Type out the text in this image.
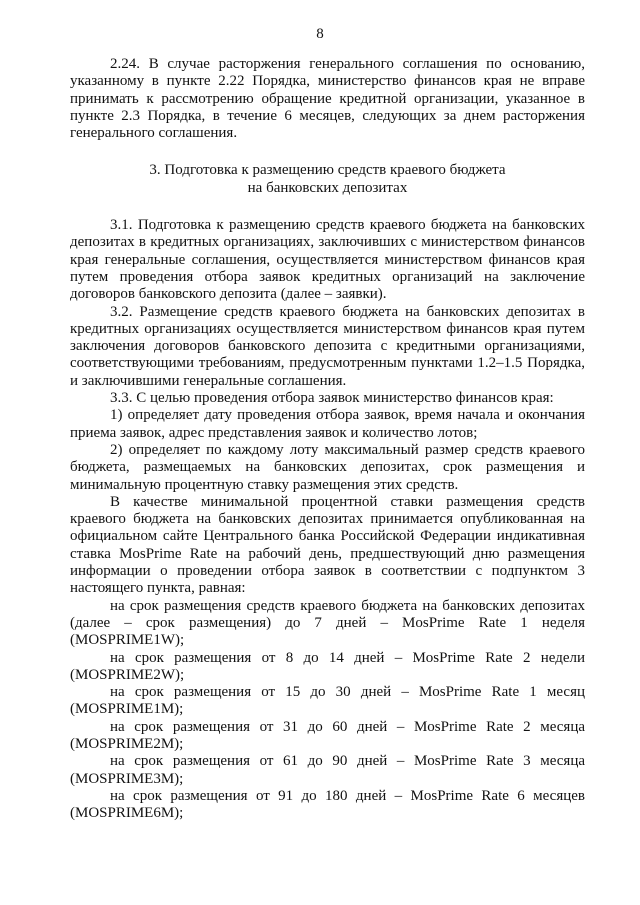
8

2.24. В случае расторжения генерального соглашения по основанию, указанному в пункте 2.22 Порядка, министерство финансов края не вправе принимать к рассмотрению обращение кредитной организации, указанное в пункте 2.3 Порядка, в течение 6 месяцев, следующих за днем расторжения генерального соглашения.

3. Подготовка к размещению средств краевого бюджета
на банковских депозитах

3.1. Подготовка к размещению средств краевого бюджета на банковских депозитах в кредитных организациях, заключивших с министерством финансов края генеральные соглашения, осуществляется министерством финансов края путем проведения отбора заявок кредитных организаций на заключение договоров банковского депозита (далее – заявки).

3.2. Размещение средств краевого бюджета на банковских депозитах в кредитных организациях осуществляется министерством финансов края путем заключения договоров банковского депозита с кредитными организациями, соответствующими требованиям, предусмотренным пунктами 1.2–1.5 Порядка, и заключившими генеральные соглашения.

3.3. С целью проведения отбора заявок министерство финансов края:

1) определяет дату проведения отбора заявок, время начала и окончания приема заявок, адрес представления заявок и количество лотов;

2) определяет по каждому лоту максимальный размер средств краевого бюджета, размещаемых на банковских депозитах, срок размещения и минимальную процентную ставку размещения этих средств.

В качестве минимальной процентной ставки размещения средств краевого бюджета на банковских депозитах принимается опубликованная на официальном сайте Центрального банка Российской Федерации индикативная ставка MosPrime Rate на рабочий день, предшествующий дню размещения информации о проведении отбора заявок в соответствии с подпунктом 3 настоящего пункта, равная:

на срок размещения средств краевого бюджета на банковских депозитах (далее – срок размещения) до 7 дней – MosPrime Rate 1 неделя (MOSPRIME1W);

на срок размещения от 8 до 14 дней – MosPrime Rate 2 недели (MOSPRIME2W);

на срок размещения от 15 до 30 дней – MosPrime Rate 1 месяц (MOSPRIME1M);

на срок размещения от 31 до 60 дней – MosPrime Rate 2 месяца (MOSPRIME2M);

на срок размещения от 61 до 90 дней – MosPrime Rate 3 месяца (MOSPRIME3M);

на срок размещения от 91 до 180 дней – MosPrime Rate 6 месяцев (MOSPRIME6M);
